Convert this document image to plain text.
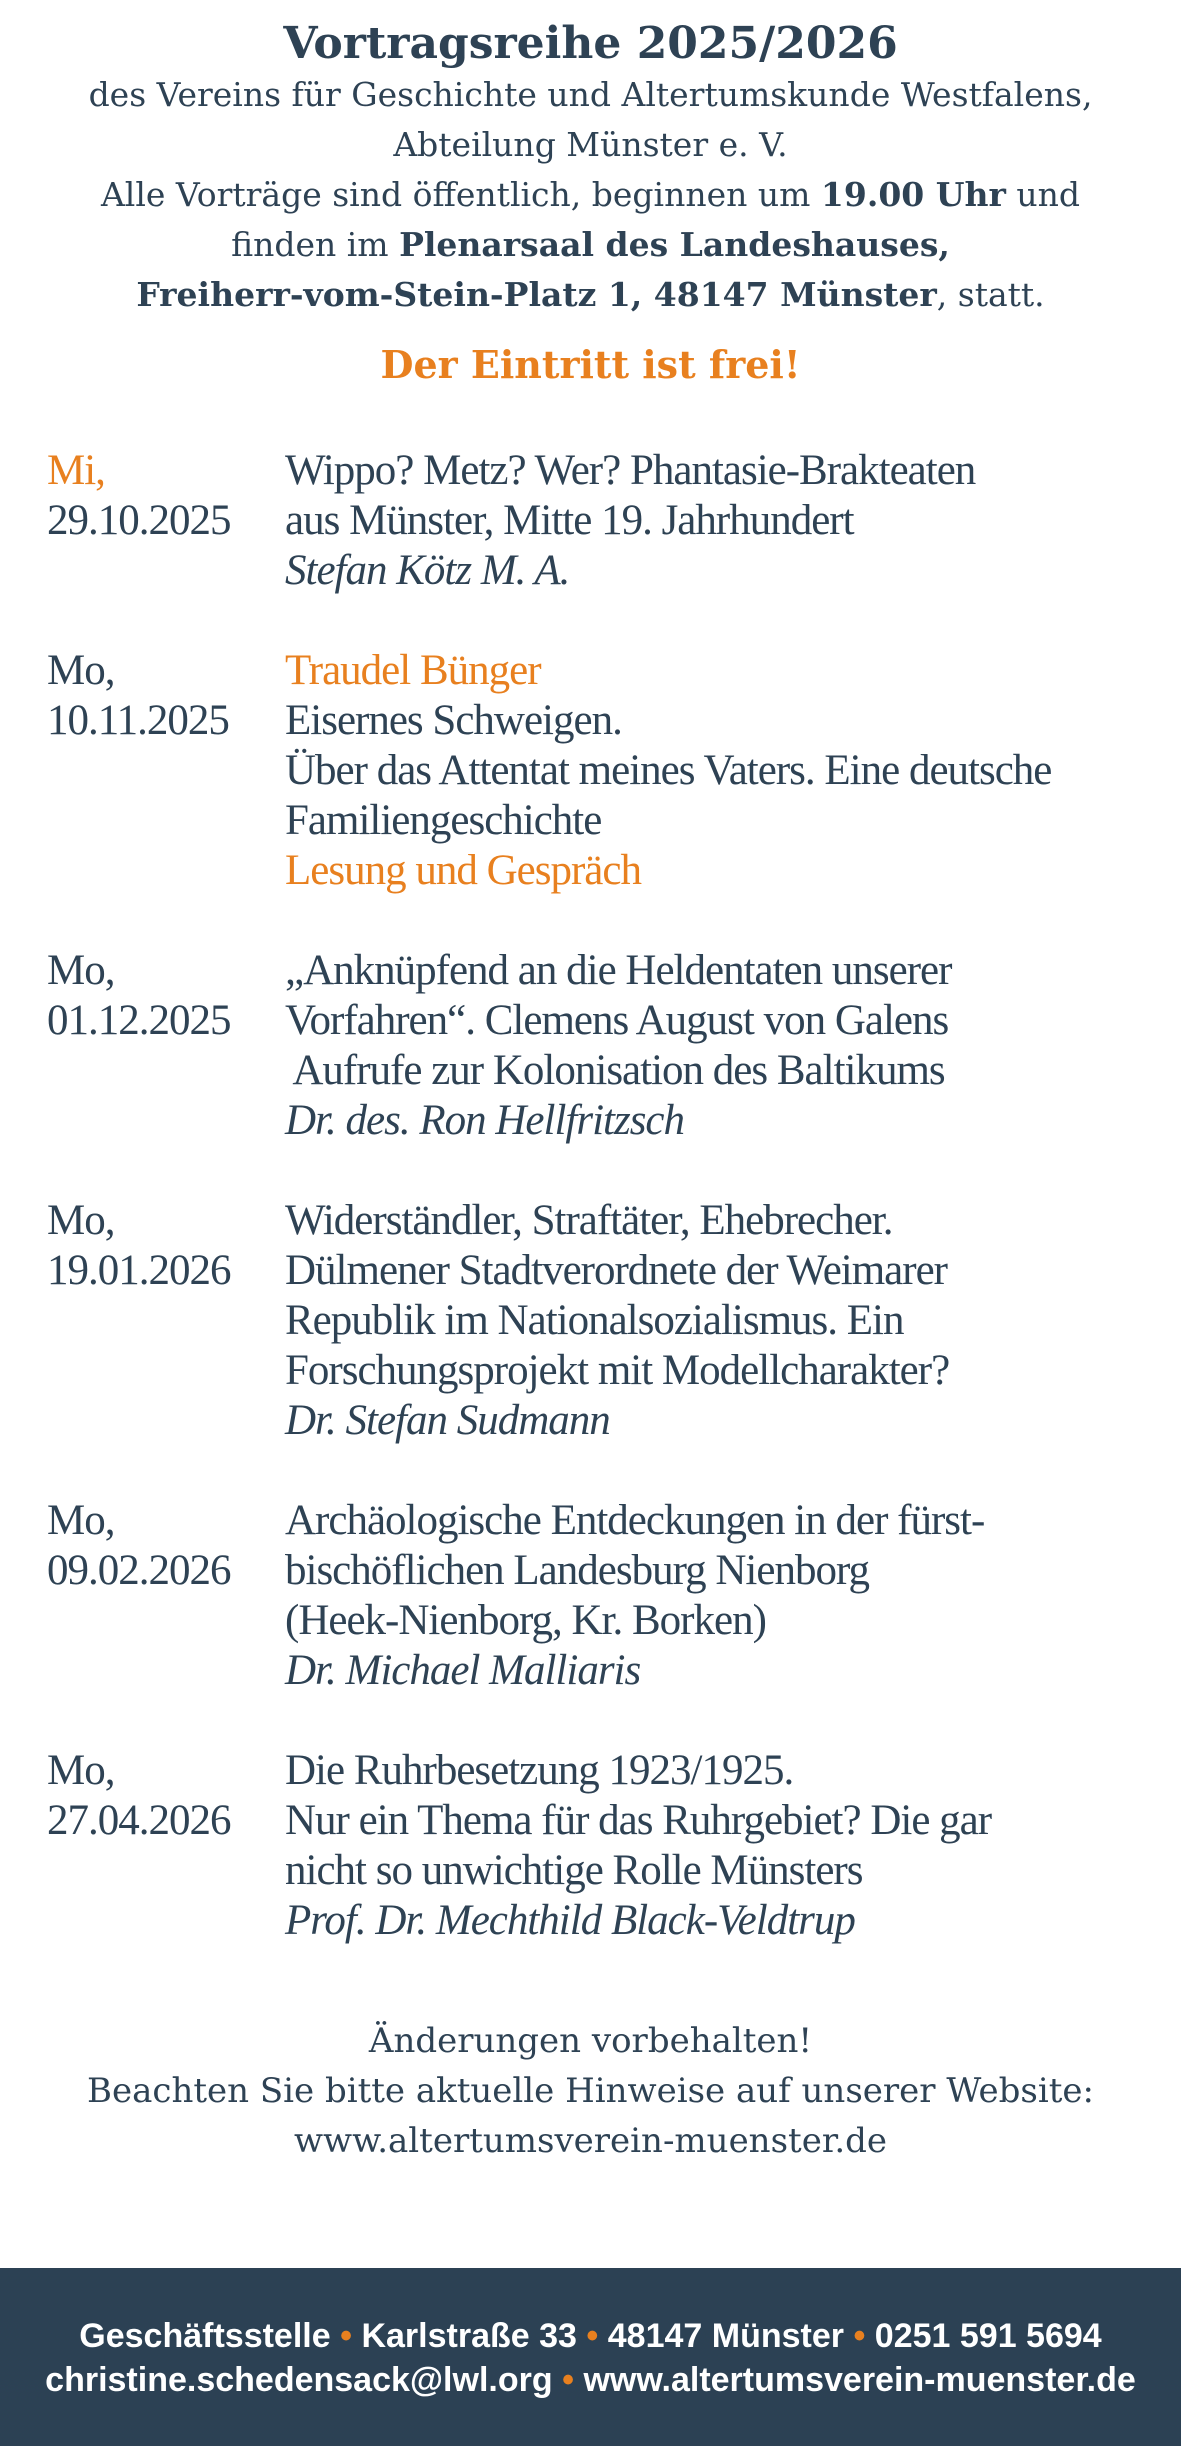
Vortragsreihe 2025/2026
des Vereins für Geschichte und Altertumskunde Westfalens,
Abteilung Münster e. V.
Alle Vorträge sind öffentlich, beginnen um 19.00 Uhr und
finden im Plenarsaal des Landeshauses,
Freiherr-vom-Stein-Platz 1, 48147 Münster, statt.
Der Eintritt ist frei!
Mi,
29.10.2025
Wippo? Metz? Wer? Phantasie-Brakteaten
aus Münster, Mitte 19. Jahrhundert
Stefan Kötz M. A.
Mo,
10.11.2025
Traudel Bünger
Eisernes Schweigen.
Über das Attentat meines Vaters. Eine deutsche
Familiengeschichte
Lesung und Gespräch
Mo,
01.12.2025
„Anknüpfend an die Heldentaten unserer
Vorfahren“. Clemens August von Galens
Aufrufe zur Kolonisation des Baltikums
Dr. des. Ron Hellfritzsch
Mo,
19.01.2026
Widerständler, Straftäter, Ehebrecher.
Dülmener Stadtverordnete der Weimarer
Republik im Nationalsozialismus. Ein
Forschungsprojekt mit Modellcharakter?
Dr. Stefan Sudmann
Mo,
09.02.2026
Archäologische Entdeckungen in der fürst-
bischöflichen Landesburg Nienborg
(Heek-Nienborg, Kr. Borken)
Dr. Michael Malliaris
Mo,
27.04.2026
Die Ruhrbesetzung 1923/1925.
Nur ein Thema für das Ruhrgebiet? Die gar
nicht so unwichtige Rolle Münsters
Prof. Dr. Mechthild Black-Veldtrup
Änderungen vorbehalten!
Beachten Sie bitte aktuelle Hinweise auf unserer Website:
www.altertumsverein-muenster.de
Geschäftsstelle • Karlstraße 33 • 48147 Münster • 0251 591 5694
christine.schedensack@lwl.org • www.altertumsverein-muenster.de
